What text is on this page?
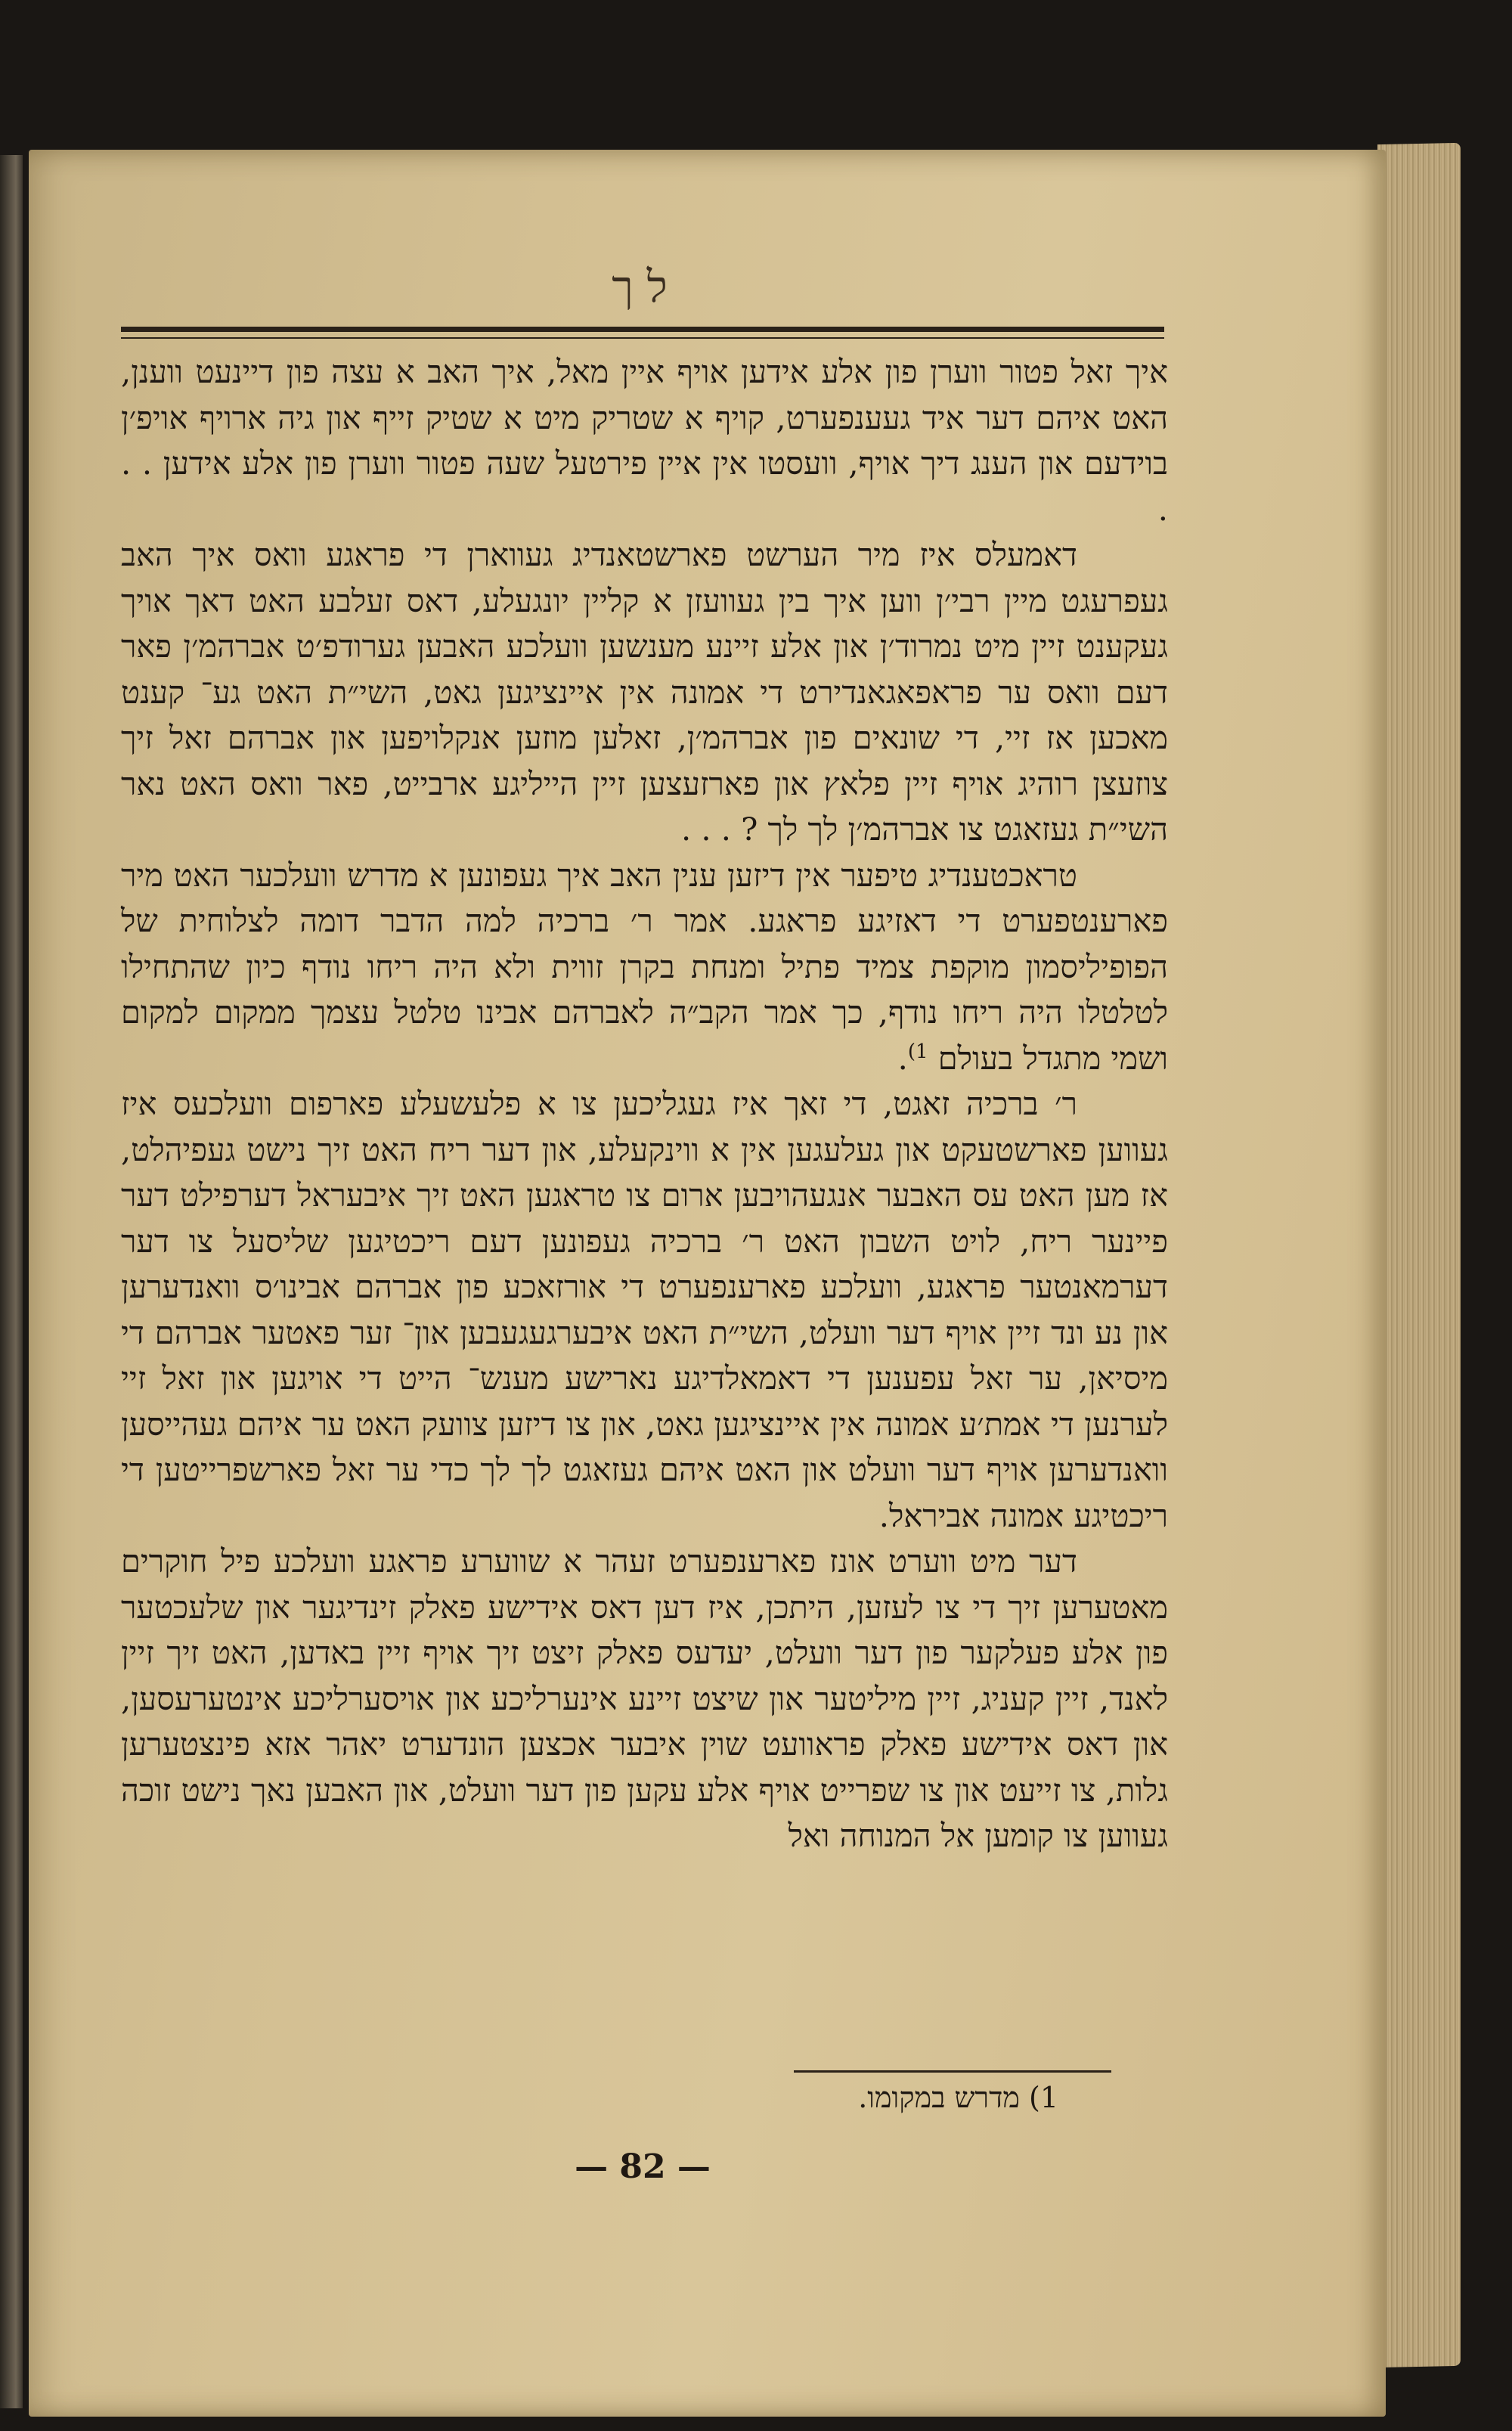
לך

איך זאל פטור ווערן פון אלע אידען אויף איין מאל, איך האב א עצה פון דיינעט ווענן, האט איהם דער איד געענפערט, קויף א שטריק מיט א שטיק זייף און גיה ארויף אויפ׳ן בוידעם און הענג דיך אויף, וועסטו אין איין פירטעל שעה פטור ווערן פון אלע אידען . . .

דאמעלס איז מיר הערשט פארשטאנדיג געווארן די פראגע וואס איך האב געפרעגט מיין רבי׳ן ווען איך בין געוועזן א קליין יונגעלע, דאס זעלבע האט דאך אויך געקענט זיין מיט נמרוד׳ן און אלע זיינע מענשען וועלכע האבען גערודפ׳ט אברהמ׳ן פאר דעם וואס ער פראפאגאנדירט די אמונה אין איינציגען גאט, השי״ת האט גע־ קענט מאכען אז זיי, די שונאים פון אברהמ׳ן, זאלען מוזען אנקלויפען און אברהם זאל זיך צוזעצן רוהיג אויף זיין פלאץ און פארזעצען זיין הייליגע ארבייט, פאר וואס האט נאר השי״ת געזאגט צו אברהמ׳ן לך לך ? . . .

טראכטענדיג טיפער אין דיזען ענין האב איך געפונען א מדרש וועלכער האט מיר פארענטפערט די דאזיגע פראגע. אמר ר׳ ברכיה למה הדבר דומה לצלוחית של הפופיליסמון מוקפת צמיד פתיל ומנחת בקרן זווית ולא היה ריחו נודף כיון שהתחילו לטלטלו היה ריחו נודף, כך אמר הקב״ה לאברהם אבינו טלטל עצמך ממקום למקום ושמי מתגדל בעולם $^{1)}$.

ר׳ ברכיה זאגט, די זאך איז געגליכען צו א פלעשעלע פארפום וועלכעס איז געווען פארשטעקט און געלעגען אין א ווינקעלע, און דער ריח האט זיך נישט געפיהלט, אז מען האט עס האבער אנגעהויבען ארום צו טראגען האט זיך איבעראל דערפילט דער פיינער ריח, לויט השבון האט ר׳ ברכיה געפונען דעם ריכטיגען שליסעל צו דער דערמאנטער פראגע, וועלכע פארענפערט די אורזאכע פון אברהם אבינו׳ס וואנדערען און נע ונד זיין אויף דער וועלט, השי״ת האט איבערגעגעבען און־ זער פאטער אברהם די מיסיאן, ער זאל עפענען די דאמאלדיגע נארישע מענש־ הייט די אויגען און זאל זיי לערנען די אמת׳ע אמונה אין איינציגען גאט, און צו דיזען צוועק האט ער איהם געהייסען וואנדערען אויף דער וועלט און האט איהם געזאגט לך לך כדי ער זאל פארשפרייטען די ריכטיגע אמונה אביראל.

דער מיט ווערט אונז פארענפערט זעהר א שווערע פראגע וועלכע פיל חוקרים מאטערען זיך די צו לעזען, היתכן, איז דען דאס אידישע פאלק זינדיגער און שלעכטער פון אלע פעלקער פון דער וועלט, יעדעס פאלק זיצט זיך אויף זיין באדען, האט זיך זיין לאנד, זיין קעניג, זיין מיליטער און שיצט זיינע אינערליכע און אויסערליכע אינטערעסען, און דאס אידישע פאלק פראוועט שוין איבער אכצען הונדערט יאהר אזא פינצטערען גלות, צו זייעט און צו שפרייט אויף אלע עקען פון דער וועלט, און האבען נאך נישט זוכה געווען צו קומען אל המנוחה ואל

1) מדרש במקומו.
— 82 —
